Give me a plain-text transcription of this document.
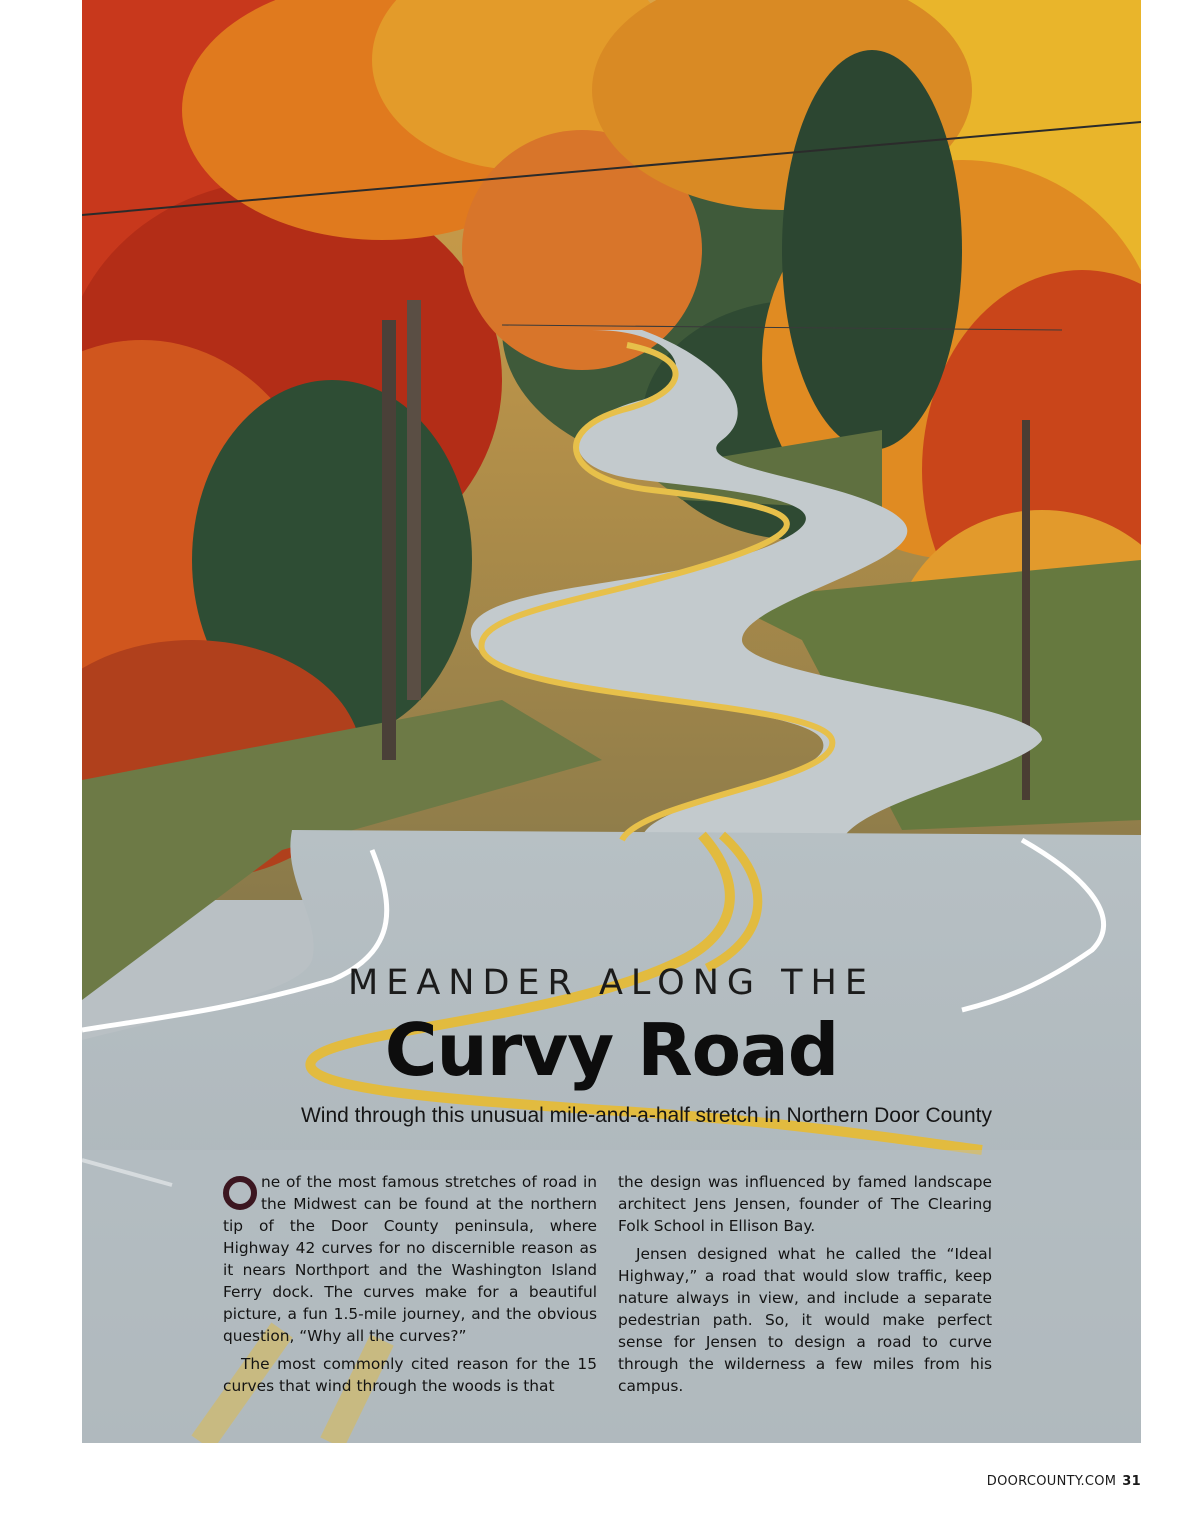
MEANDER ALONG THE
Curvy Road
Wind through this unusual mile-and-a-half stretch in Northern Door County

ne of the most famous stretches of road in the Midwest can be found at the northern tip of the Door County peninsula, where Highway 42 curves for no discernible reason as it nears Northport and the Washington Island Ferry dock. The curves make for a beautiful picture, a fun 1.5-mile journey, and the obvious question, “Why all the curves?”

The most commonly cited reason for the 15 curves that wind through the woods is that

the design was influenced by famed landscape architect Jens Jensen, founder of The Clearing Folk School in Ellison Bay.

Jensen designed what he called the “Ideal Highway,” a road that would slow traffic, keep nature always in view, and include a separate pedestrian path. So, it would make perfect sense for Jensen to design a road to curve through the wilderness a few miles from his campus.

DOORCOUNTY.COM 31
